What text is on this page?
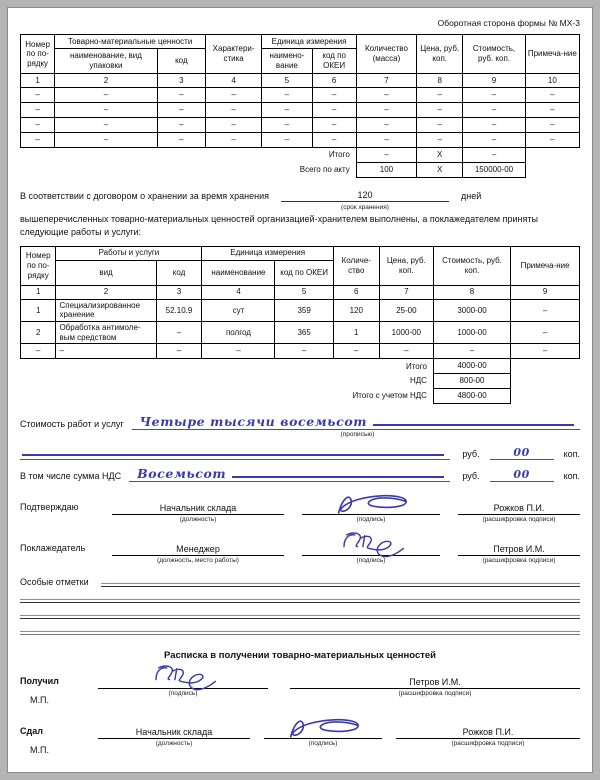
Оборотная сторона формы № МХ-3
Номер по по-рядку	Товарно-материальные ценности		Характери-стика	Единица измерения		Количество (масса)	Цена, руб. коп.	Стоимость, руб. коп.	Примеча-ние
	наименование, вид упаковки	код		наимено-вание	код по ОКЕИ				
1	2	3	4	5	6	7	8	9	10
–	–	–	–	–	–	–	–	–	–
–	–	–	–	–	–	–	–	–	–
–	–	–	–	–	–	–	–	–	–
–	–	–	–	–	–	–	–	–	–
Итого						–	X	–	
Всего по акту						100	X	150000-00	
В соответствии с договором о хранении за время хранения	120
(срок хранения)
дней
вышеперечисленных товарно-материальных ценностей организацией-хранителем выполнены, а поклажедателем приняты
следующие работы и услуги:
Номер по по-рядку	Работы и услуги		Единица измерения		Количе-ство	Цена, руб. коп.	Стоимость, руб. коп.	Примеча-ние
	вид	код	наименование	код по ОКЕИ				
1	2	3	4	5	6	7	8	9
1	Специализированное хранение	52.10.9	сут	359	120	25-00	3000-00	–
2	Обработка антимоле-вым средством	–	полгод	365	1	1000-00	1000-00	–
–	–	–	–	–	–	–	–	–
Итого							4000-00	
НДС							800-00	
Итого с учетом НДС							4800-00	
Стоимость работ и услуг	Четыре тысячи восемьсот
(прописью)
руб.	00	коп.
В том числе сумма НДС	Восемьсот	руб.	00	коп.
Подтверждаю	Начальник склада
(должность)	(подпись)
Рожков П.И.
(расшифровка подписи)
Поклажедатель	Менеджер
(должность, место работы)	(подпись)
Петров И.М.
(расшифровка подписи)
Особые отметки
Расписка в получении товарно-материальных ценностей
Получил
М.П.
(подпись)
Петров И.М.
(расшифровка подписи)
Сдал
М.П.
Начальник склада
(должность)	(подпись)
Рожков П.И.
(расшифровка подписи)
